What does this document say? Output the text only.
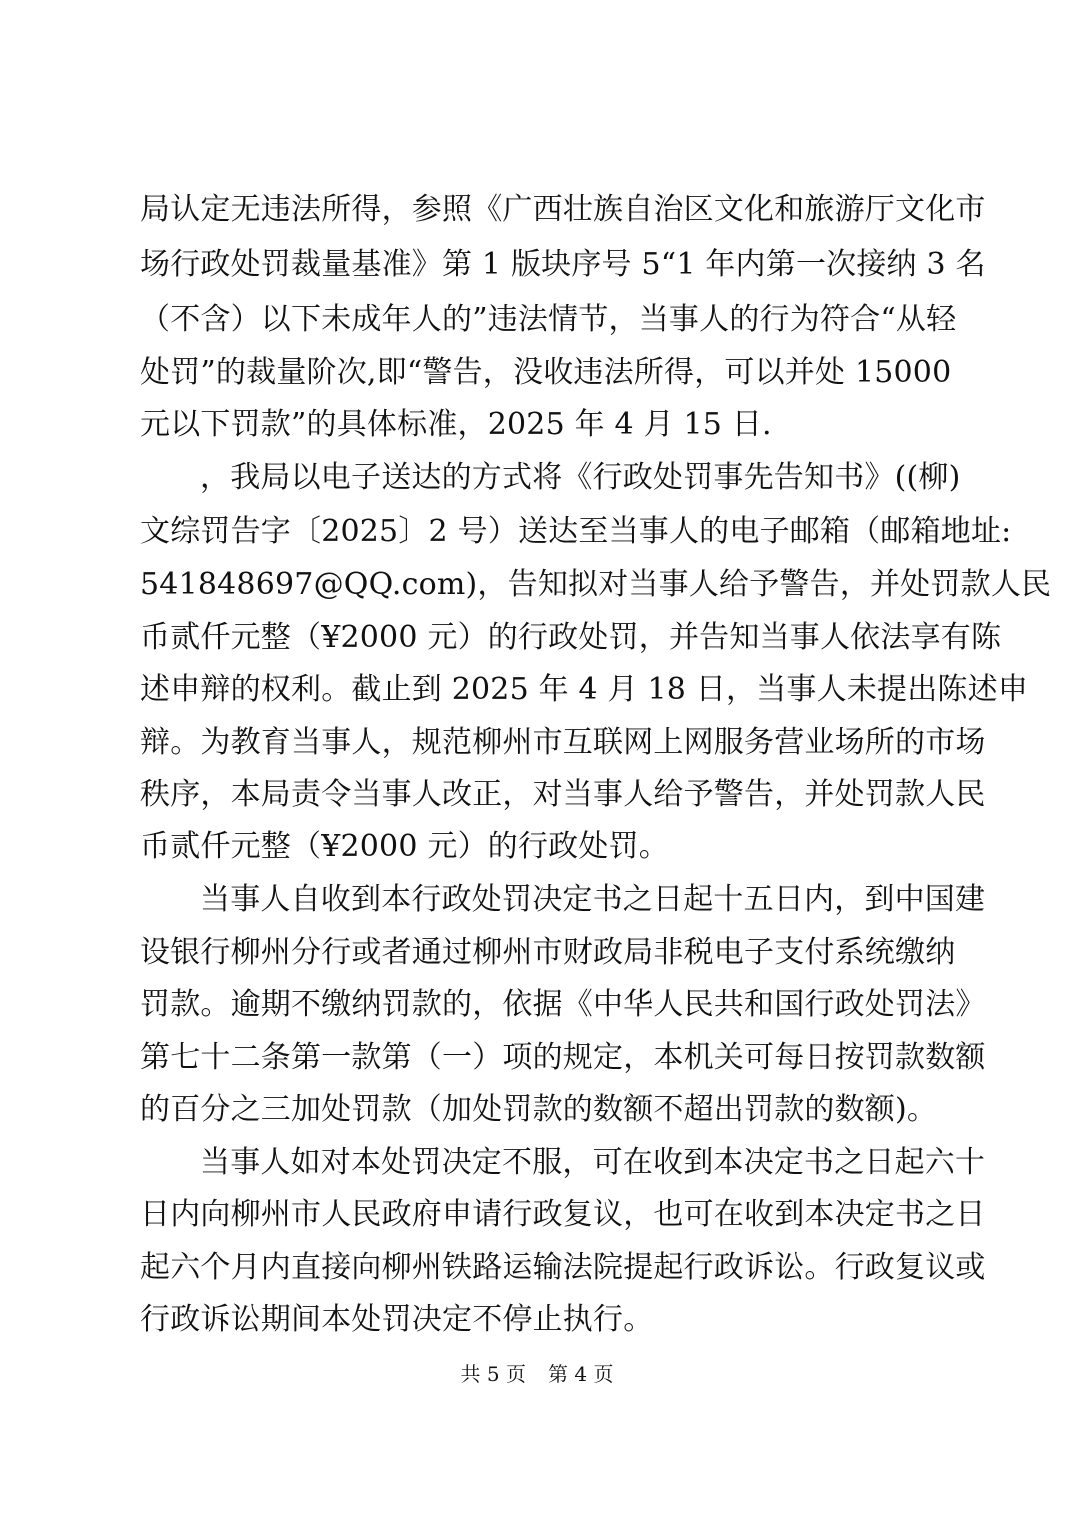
局认定无违法所得，参照《广西壮族自治区文化和旅游厅文化市
场行政处罚裁量基准》第 1 版块序号 5“1 年内第一次接纳 3 名
（不含）以下未成年人的”违法情节，当事人的行为符合“从轻
处罚”的裁量阶次,即“警告，没收违法所得，可以并处 15000
元以下罚款”的具体标准，2025 年 4 月 15 日.
，我局以电子送达的方式将《行政处罚事先告知书》((柳)
文综罚告字〔2025〕2 号）送达至当事人的电子邮箱（邮箱地址:
541848697@QQ.com)，告知拟对当事人给予警告，并处罚款人民
币贰仟元整（¥2000 元）的行政处罚，并告知当事人依法享有陈
述申辩的权利。截止到 2025 年 4 月 18 日，当事人未提出陈述申
辩。为教育当事人，规范柳州市互联网上网服务营业场所的市场
秩序，本局责令当事人改正，对当事人给予警告，并处罚款人民
币贰仟元整（¥2000 元）的行政处罚。
当事人自收到本行政处罚决定书之日起十五日内，到中国建
设银行柳州分行或者通过柳州市财政局非税电子支付系统缴纳
罚款。逾期不缴纳罚款的，依据《中华人民共和国行政处罚法》
第七十二条第一款第（一）项的规定，本机关可每日按罚款数额
的百分之三加处罚款（加处罚款的数额不超出罚款的数额)。
当事人如对本处罚决定不服，可在收到本决定书之日起六十
日内向柳州市人民政府申请行政复议，也可在收到本决定书之日
起六个月内直接向柳州铁路运输法院提起行政诉讼。行政复议或
行政诉讼期间本处罚决定不停止执行。
共 5 页 第 4 页
